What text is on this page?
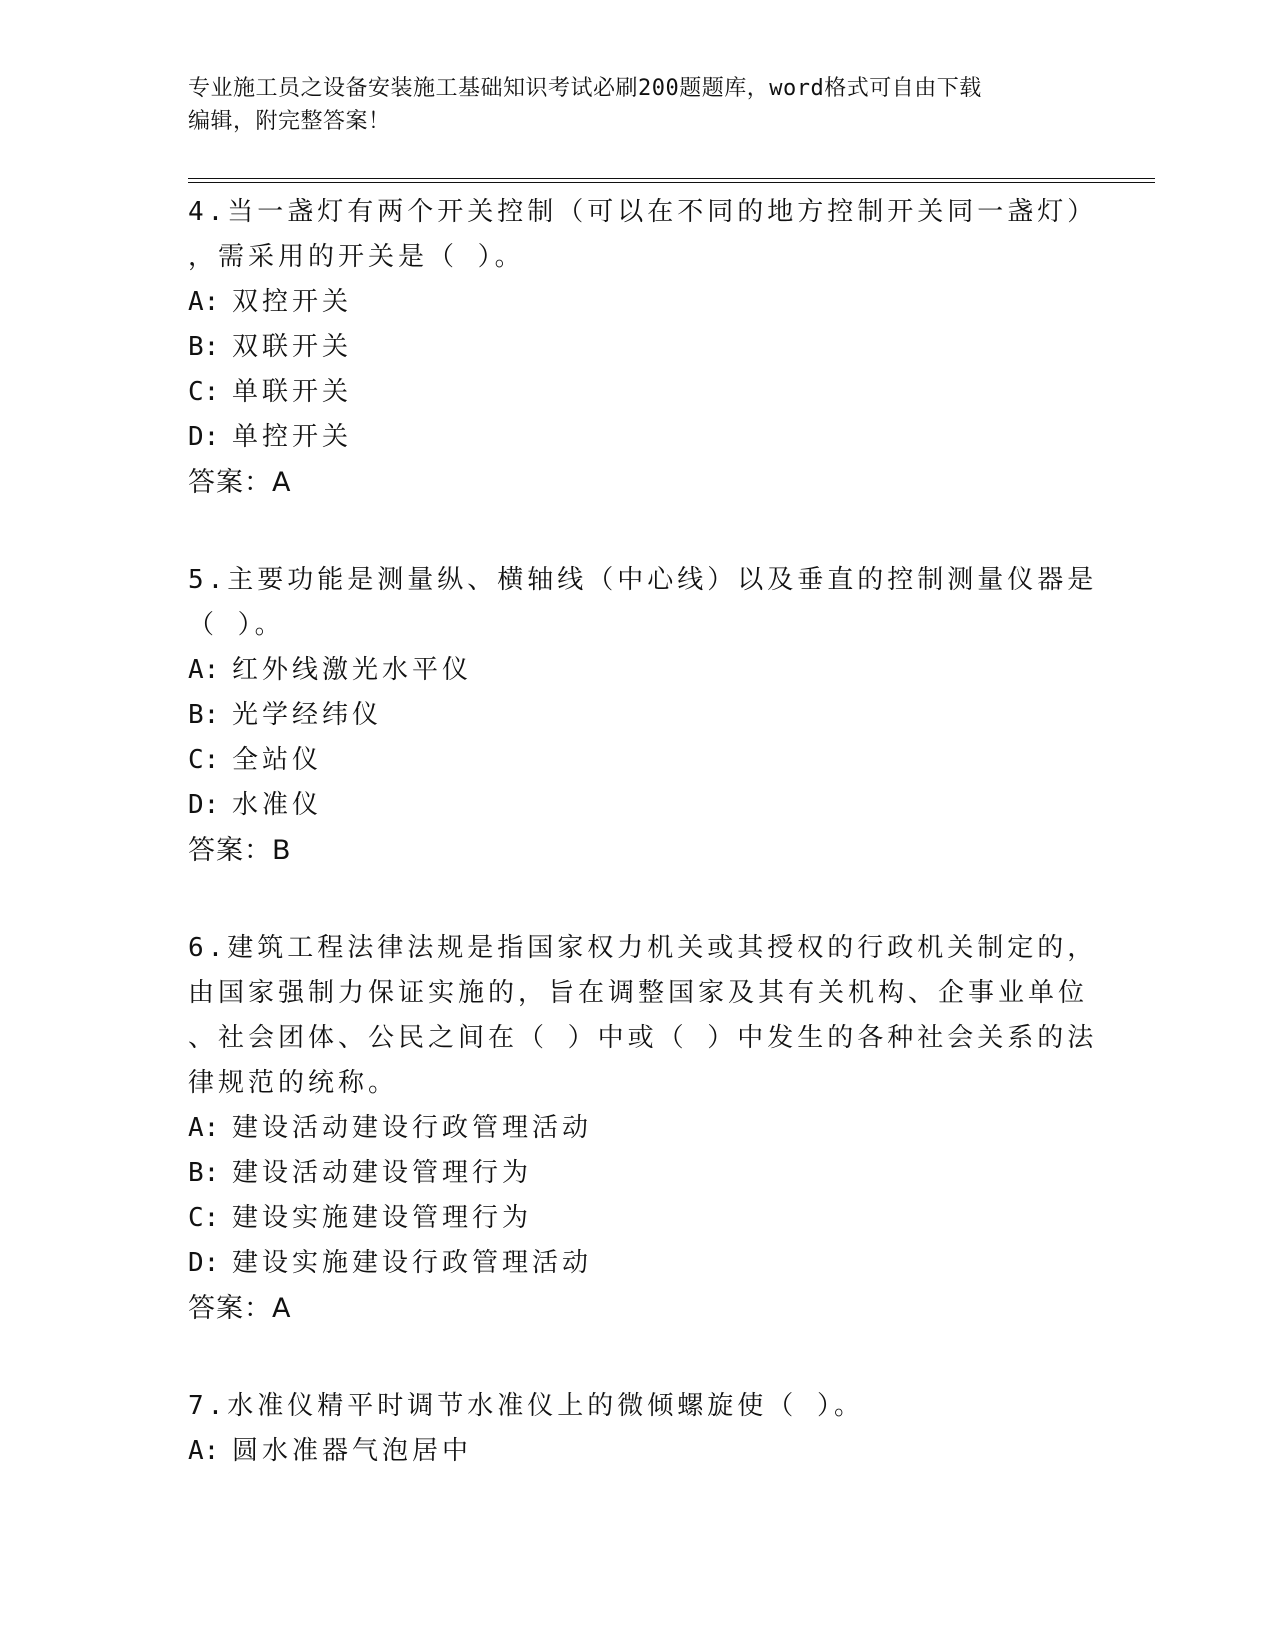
专业施工员之设备安装施工基础知识考试必刷200题题库，word格式可自由下载
编辑，附完整答案！
4.当一盏灯有两个开关控制（可以在不同的地方控制开关同一盏灯）
，需采用的开关是（ ）。
A: 双控开关
B: 双联开关
C: 单联开关
D: 单控开关
答案：A
5.主要功能是测量纵、横轴线（中心线）以及垂直的控制测量仪器是
（ ）。
A: 红外线激光水平仪
B: 光学经纬仪
C: 全站仪
D: 水准仪
答案：B
6.建筑工程法律法规是指国家权力机关或其授权的行政机关制定的，
由国家强制力保证实施的，旨在调整国家及其有关机构、企事业单位
、社会团体、公民之间在（ ）中或（ ）中发生的各种社会关系的法
律规范的统称。
A: 建设活动建设行政管理活动
B: 建设活动建设管理行为
C: 建设实施建设管理行为
D: 建设实施建设行政管理活动
答案：A
7.水准仪精平时调节水准仪上的微倾螺旋使（ ）。
A: 圆水准器气泡居中
